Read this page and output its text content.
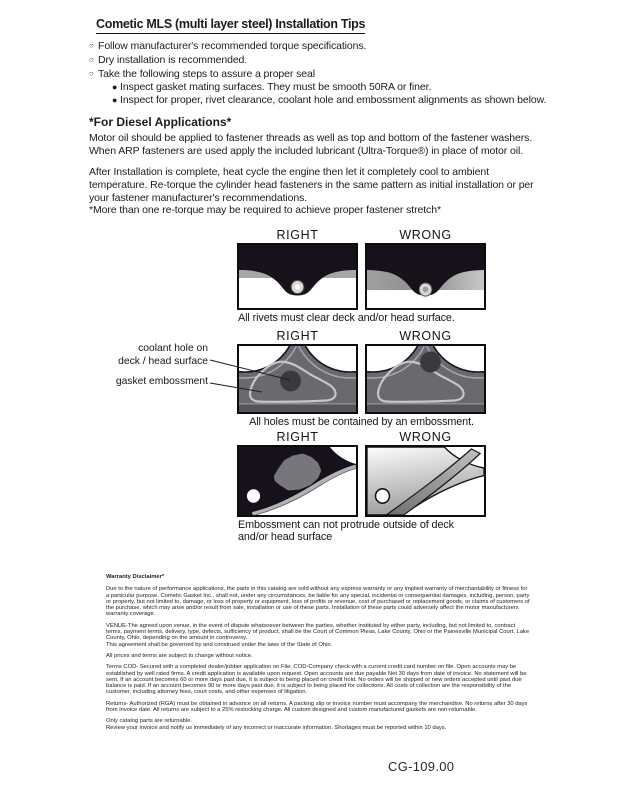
Cometic MLS (multi layer steel) Installation Tips
○ Follow manufacturer's recommended torque specifications.
○ Dry installation is recommended.
○ Take the following steps to assure a proper seal
● Inspect gasket mating surfaces. They must be smooth 50RA or finer.
● Inspect for proper, rivet clearance, coolant hole and embossment alignments as shown below.
*For Diesel Applications*
Motor oil should be applied to fastener threads as well as top and bottom of the fastener washers.
When ARP fasteners are used apply the included lubricant (Ultra-Torque®) in place of motor oil.
After Installation is complete, heat cycle the engine then let it completely cool to ambient temperature. Re-torque the cylinder head fasteners in the same pattern as initial installation or per your fastener manufacturer's recommendations.
*More than one re-torque may be required to achieve proper fastener stretch*
RIGHT	WRONG
All rivets must clear deck and/or head surface.
coolant hole on
deck / head surface
gasket embossment
RIGHT	WRONG
All holes must be contained by an embossment.
RIGHT	WRONG
Embossment can not protrude outside of deck and/or head surface
Warranty Disclaimer*
Due to the nature of performance applications, the parts in this catalog are sold without any express warranty or any implied warranty of merchantability or fitness for a particular purpose. Cometic Gasket Inc., shall not, under any circumstances, be liable for any special, incidental or consequential damages, including, person, party or property, but not limited to, damage, or loss of property or equipment, loss of profits or revenue, cost of purchased or replacement goods, or claims of customers of the purchase, which may arise and/or result from sale, installation or use of these parts. Installation of these parts could adversely affect the motor manufacturers warranty coverage.
VENUE-The agreed upon venue, in the event of dispute whatsoever between the parties, whether instituted by either party, including, but not limited to, contract terms, payment terms, delivery, type, defects, sufficiency of product, shall be the Court of Common Pleas, Lake County, Ohio or the Painesville Municipal Court, Lake County, Ohio, depending on the amount in controversy.
This agreement shall be governed by and construed under the laws of the State of Ohio.
All prices and terms are subject to change without notice.
Terms COD- Secured with a completed dealer/jobber application on File, COD-Company check with a current credit card number on file. Open accounts may be established by well rated firms. A credit application is available upon request. Open accounts are due payable Net 30 days from date of invoice. No statement will be sent. If an account becomes 60 or more days past due, it is subject to being placed on credit hold. No orders will be shipped or new orders accepted until past due balance is paid. If an account becomes 90 or more days past due, it is subject to being placed for collections. All costs of collection are the responsibility of the customer, including attorney fees, court costs, and other expenses of litigation.
Returns- Authorized (RGA) must be obtained in advance on all returns. A packing slip or invoice number must accompany the merchandise. No returns after 30 days from invoice date. All returns are subject to a 25% restocking charge. All custom designed and custom manufactured gaskets are non-returnable.
Only catalog parts are returnable.
Review your invoice and notify us immediately of any incorrect or inaccurate information. Shortages must be reported within 10 days.
CG-109.00
